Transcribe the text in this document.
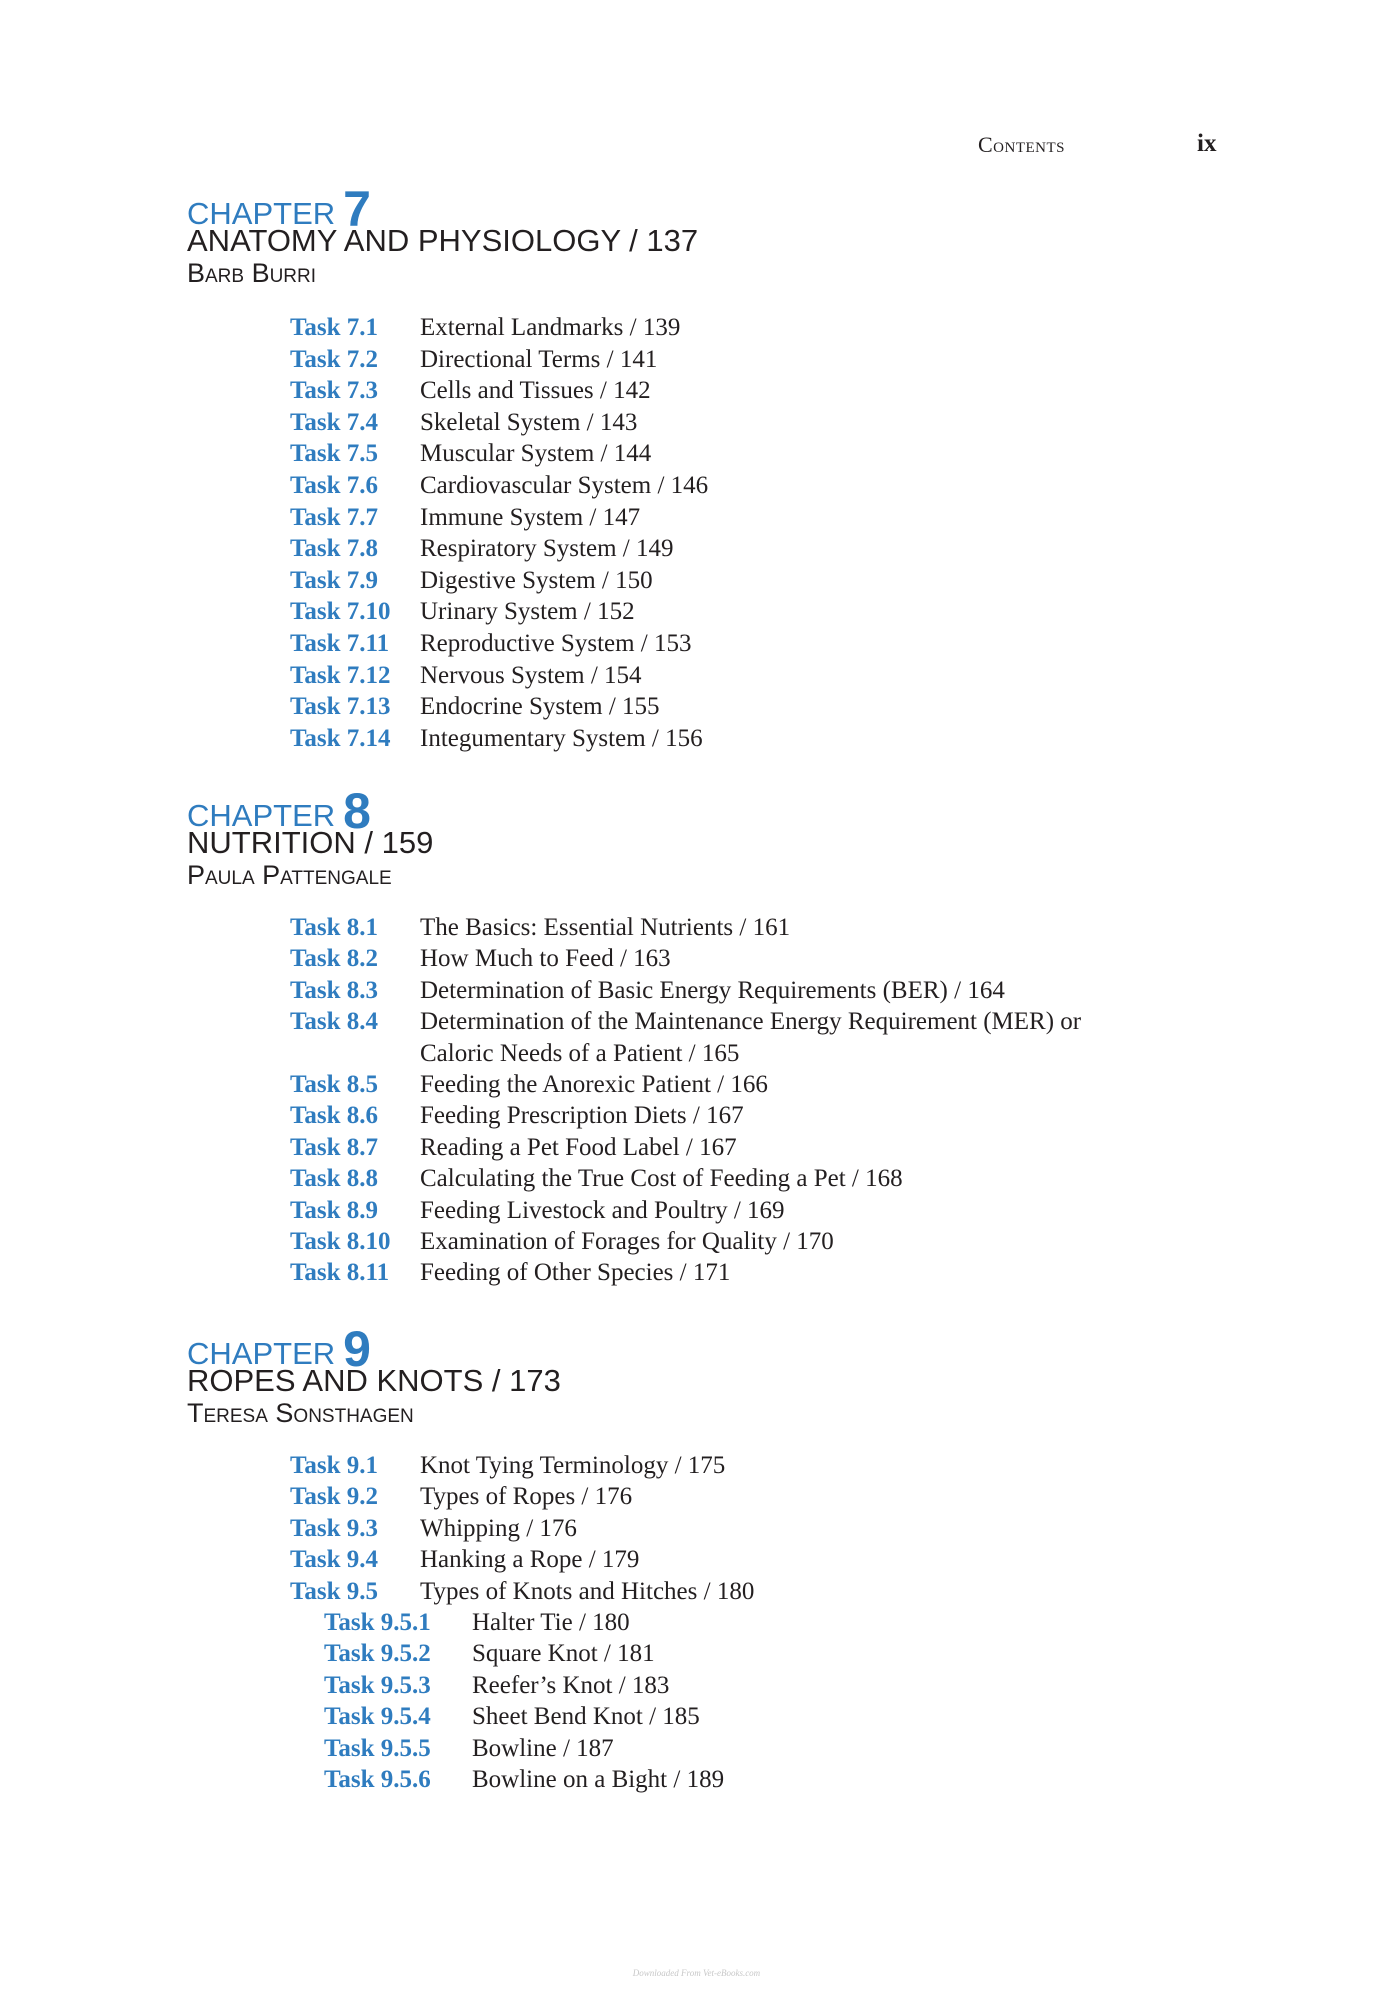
Contents	ix
CHAPTER 7
ANATOMY AND PHYSIOLOGY / 137
Barb Burri
Task 7.1 External Landmarks / 139
Task 7.2 Directional Terms / 141
Task 7.3 Cells and Tissues / 142
Task 7.4 Skeletal System / 143
Task 7.5 Muscular System / 144
Task 7.6 Cardiovascular System / 146
Task 7.7 Immune System / 147
Task 7.8 Respiratory System / 149
Task 7.9 Digestive System / 150
Task 7.10 Urinary System / 152
Task 7.11 Reproductive System / 153
Task 7.12 Nervous System / 154
Task 7.13 Endocrine System / 155
Task 7.14 Integumentary System / 156
CHAPTER 8
NUTRITION / 159
Paula Pattengale
Task 8.1 The Basics: Essential Nutrients / 161
Task 8.2 How Much to Feed / 163
Task 8.3 Determination of Basic Energy Requirements (BER) / 164
Task 8.4 Determination of the Maintenance Energy Requirement (MER) or
Caloric Needs of a Patient / 165
Task 8.5 Feeding the Anorexic Patient / 166
Task 8.6 Feeding Prescription Diets / 167
Task 8.7 Reading a Pet Food Label / 167
Task 8.8 Calculating the True Cost of Feeding a Pet / 168
Task 8.9 Feeding Livestock and Poultry / 169
Task 8.10 Examination of Forages for Quality / 170
Task 8.11 Feeding of Other Species / 171
CHAPTER 9
ROPES AND KNOTS / 173
Teresa Sonsthagen
Task 9.1 Knot Tying Terminology / 175
Task 9.2 Types of Ropes / 176
Task 9.3 Whipping / 176
Task 9.4 Hanking a Rope / 179
Task 9.5 Types of Knots and Hitches / 180
Task 9.5.1 Halter Tie / 180
Task 9.5.2 Square Knot / 181
Task 9.5.3 Reefer’s Knot / 183
Task 9.5.4 Sheet Bend Knot / 185
Task 9.5.5 Bowline / 187
Task 9.5.6 Bowline on a Bight / 189
Downloaded From Vet-eBooks.com
